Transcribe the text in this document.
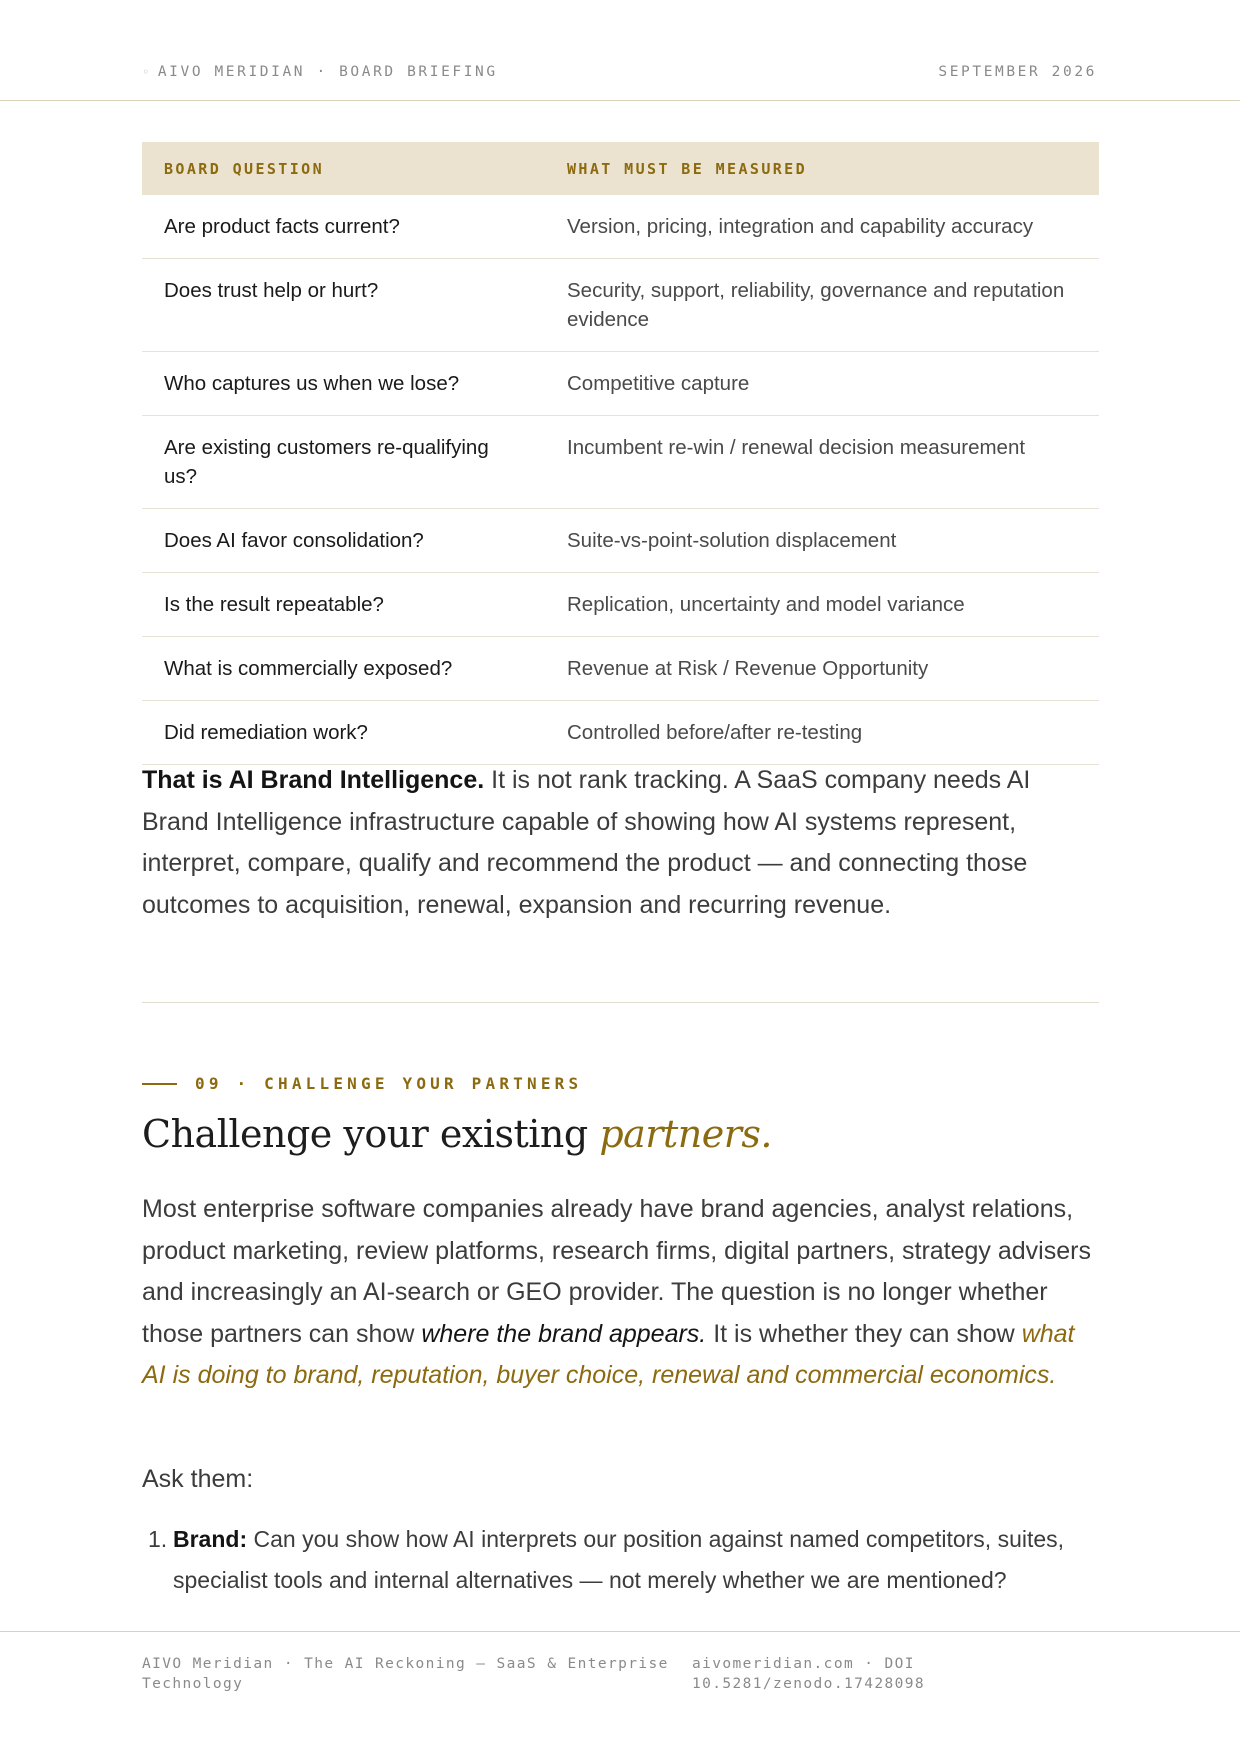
◦ AIVO MERIDIAN · BOARD BRIEFING	SEPTEMBER 2026
BOARD QUESTION	WHAT MUST BE MEASURED
Are product facts current?	Version, pricing, integration and capability accuracy
Does trust help or hurt?	Security, support, reliability, governance and reputation evidence
Who captures us when we lose?	Competitive capture
Are existing customers re-qualifying us?	Incumbent re-win / renewal decision measurement
Does AI favor consolidation?	Suite-vs-point-solution displacement
Is the result repeatable?	Replication, uncertainty and model variance
What is commercially exposed?	Revenue at Risk / Revenue Opportunity
Did remediation work?	Controlled before/after re-testing

That is AI Brand Intelligence. It is not rank tracking. A SaaS company needs AI Brand Intelligence infrastructure capable of showing how AI systems represent, interpret, compare, qualify and recommend the product — and connecting those outcomes to acquisition, renewal, expansion and recurring revenue.

09 · CHALLENGE YOUR PARTNERS
Challenge your existing partners.

Most enterprise software companies already have brand agencies, analyst relations, product marketing, review platforms, research firms, digital partners, strategy advisers and increasingly an AI-search or GEO provider. The question is no longer whether those partners can show where the brand appears. It is whether they can show what AI is doing to brand, reputation, buyer choice, renewal and commercial economics.

Ask them:

1. Brand: Can you show how AI interprets our position against named competitors, suites, specialist tools and internal alternatives — not merely whether we are mentioned?
AIVO Meridian · The AI Reckoning — SaaS & Enterprise Technology
aivomeridian.com · DOI 10.5281/zenodo.17428098
